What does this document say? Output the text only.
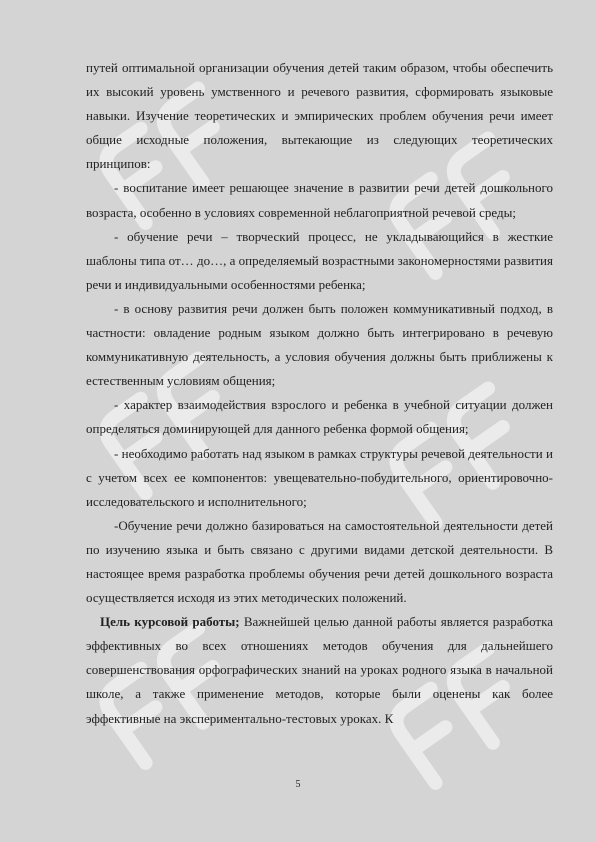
путей оптимальной организации обучения детей таким образом, чтобы обеспечить их высокий уровень умственного и речевого развития, сформировать языковые навыки. Изучение теоретических и эмпирических проблем обучения речи имеет общие исходные положения, вытекающие из следующих теоретических принципов:

- воспитание имеет решающее значение в развитии речи детей дошкольного возраста, особенно в условиях современной неблагоприятной речевой среды;

- обучение речи – творческий процесс, не укладывающийся в жесткие шаблоны типа от… до…, а определяемый возрастными закономерностями развития речи и индивидуальными особенностями ребенка;

- в основу развития речи должен быть положен коммуникативный подход, в частности: овладение родным языком должно быть интегрировано в речевую коммуникативную деятельность, а условия обучения должны быть приближены к естественным условиям общения;

- характер взаимодействия взрослого и ребенка в учебной ситуации должен определяться доминирующей для данного ребенка формой общения;

- необходимо работать над языком в рамках структуры речевой деятельности и с учетом всех ее компонентов: увещевательно-побудительного, ориентировочно-исследовательского и исполнительного;

-Обучение речи должно базироваться на самостоятельной деятельности детей по изучению языка и быть связано с другими видами детской деятельности. В настоящее время разработка проблемы обучения речи детей дошкольного возраста осуществляется исходя из этих методических положений.

Цель курсовой работы; Важнейшей целью данной работы является разработка эффективных во всех отношениях методов обучения для дальнейшего совершенствования орфографических знаний на уроках родного языка в начальной школе, а также применение методов, которые были оценены как более эффективные на экспериментально-тестовых уроках. К

5
